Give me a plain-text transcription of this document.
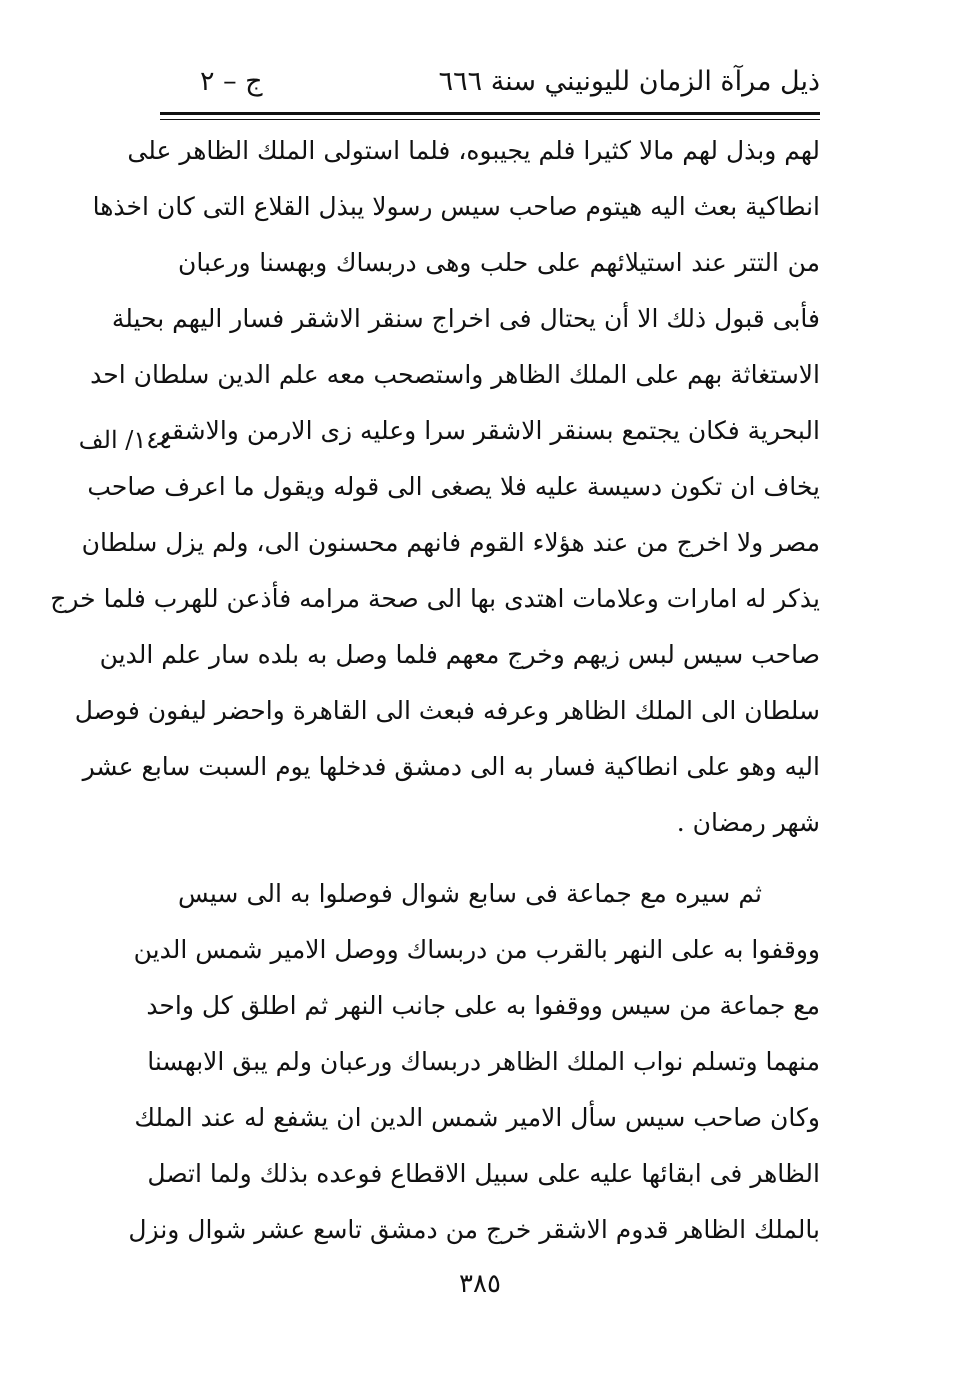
ذيل مرآة الزمان لليونيني سنة ٦٦٦
ج – ٢
١٤٤/ الف
لهم وبذل لهم مالا كثيرا فلم يجيبوه، فلما استولى الملك الظاهر على
انطاكية بعث اليه هيتوم صاحب سيس رسولا يبذل القلاع التى كان اخذها
من التتر عند استيلائهم على حلب وهى دربساك وبهسنا ورعبان
فأبى قبول ذلك الا أن يحتال فى اخراج سنقر الاشقر فسار اليهم بحيلة
الاستغاثة بهم على الملك الظاهر واستصحب معه علم الدين سلطان احد
البحرية فكان يجتمع بسنقر الاشقر سرا وعليه زى الارمن والاشقر
يخاف ان تكون دسيسة عليه فلا يصغى الى قوله ويقول ما اعرف صاحب
مصر ولا اخرج من عند هؤلاء القوم فانهم محسنون الى، ولم يزل سلطان
يذكر له امارات وعلامات اهتدى بها الى صحة مرامه فأذعن للهرب فلما خرج
صاحب سيس لبس زيهم وخرج معهم فلما وصل به بلده سار علم الدين
سلطان الى الملك الظاهر وعرفه فبعث الى القاهرة واحضر ليفون فوصل
اليه وهو على انطاكية فسار به الى دمشق فدخلها يوم السبت سابع عشر
شهر رمضان .
ثم سيره مع جماعة فى سابع شوال فوصلوا به الى سيس
ووقفوا به على النهر بالقرب من دربساك ووصل الامير شمس الدين
مع جماعة من سيس ووقفوا به على جانب النهر ثم اطلق كل واحد
منهما وتسلم نواب الملك الظاهر دربساك ورعبان ولم يبق الابهسنا
وكان صاحب سيس سأل الامير شمس الدين ان يشفع له عند الملك
الظاهر فى ابقائها عليه على سبيل الاقطاع فوعده بذلك ولما اتصل
بالملك الظاهر قدوم الاشقر خرج من دمشق تاسع عشر شوال ونزل
٣٨٥
